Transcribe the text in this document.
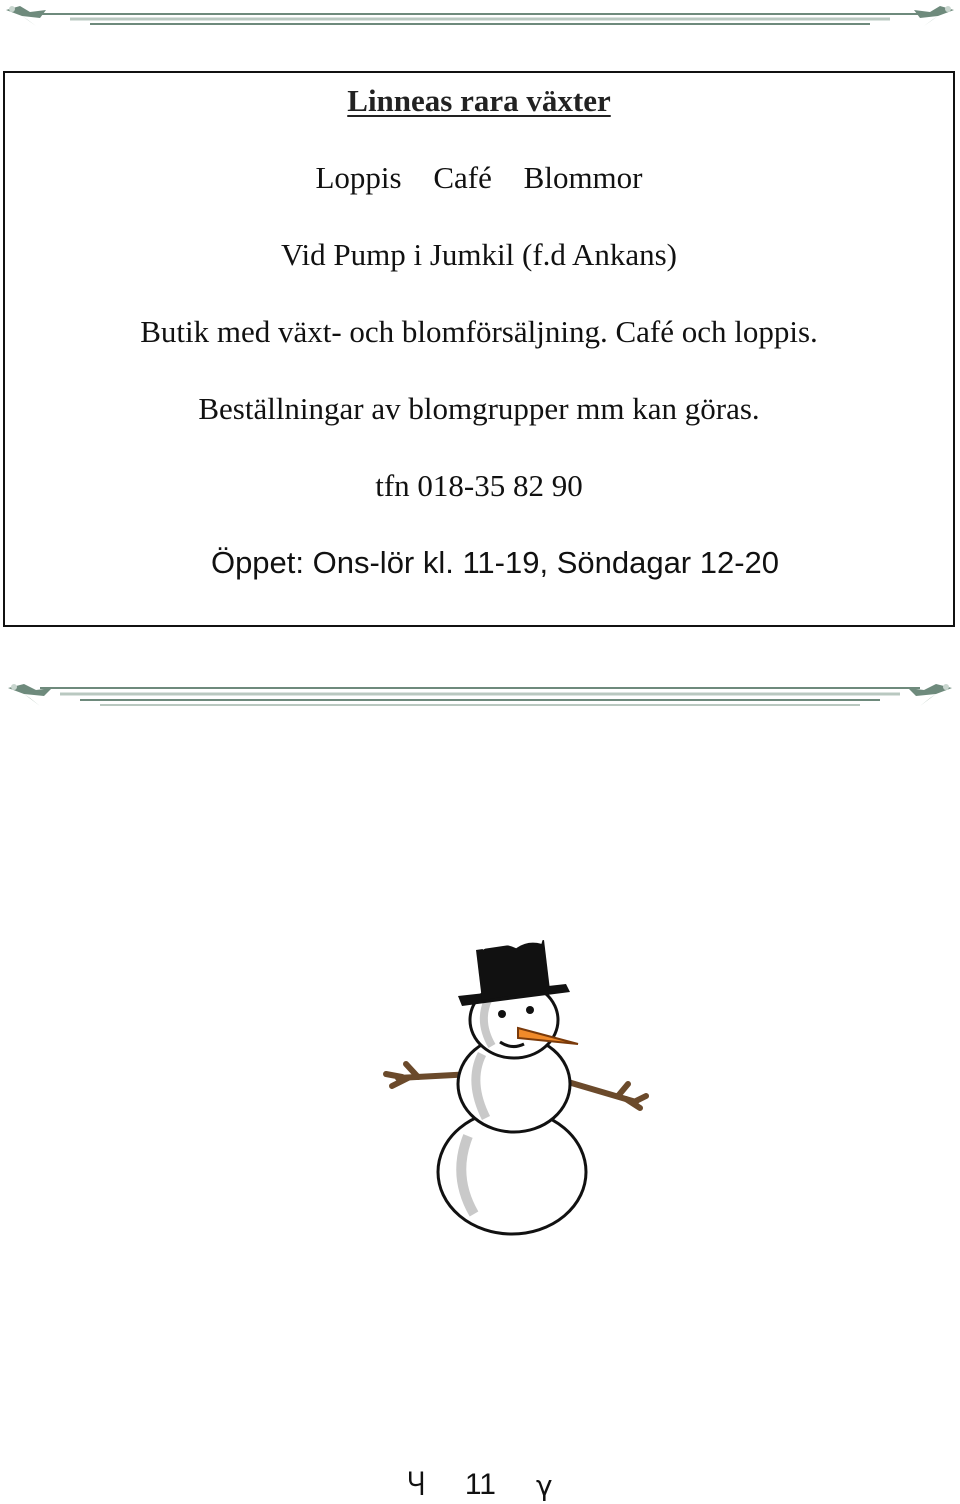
Linneas rara växter
Loppis Café Blommor
Vid Pump i Jumkil (f.d Ankans)
Butik med växt- och blomförsäljning. Café och loppis.
Beställningar av blomgrupper mm kan göras.
tfn 018-35 82 90
Öppet: Ons-lör kl. 11-19, Söndagar 12-20
Ⴗ 11 γ
